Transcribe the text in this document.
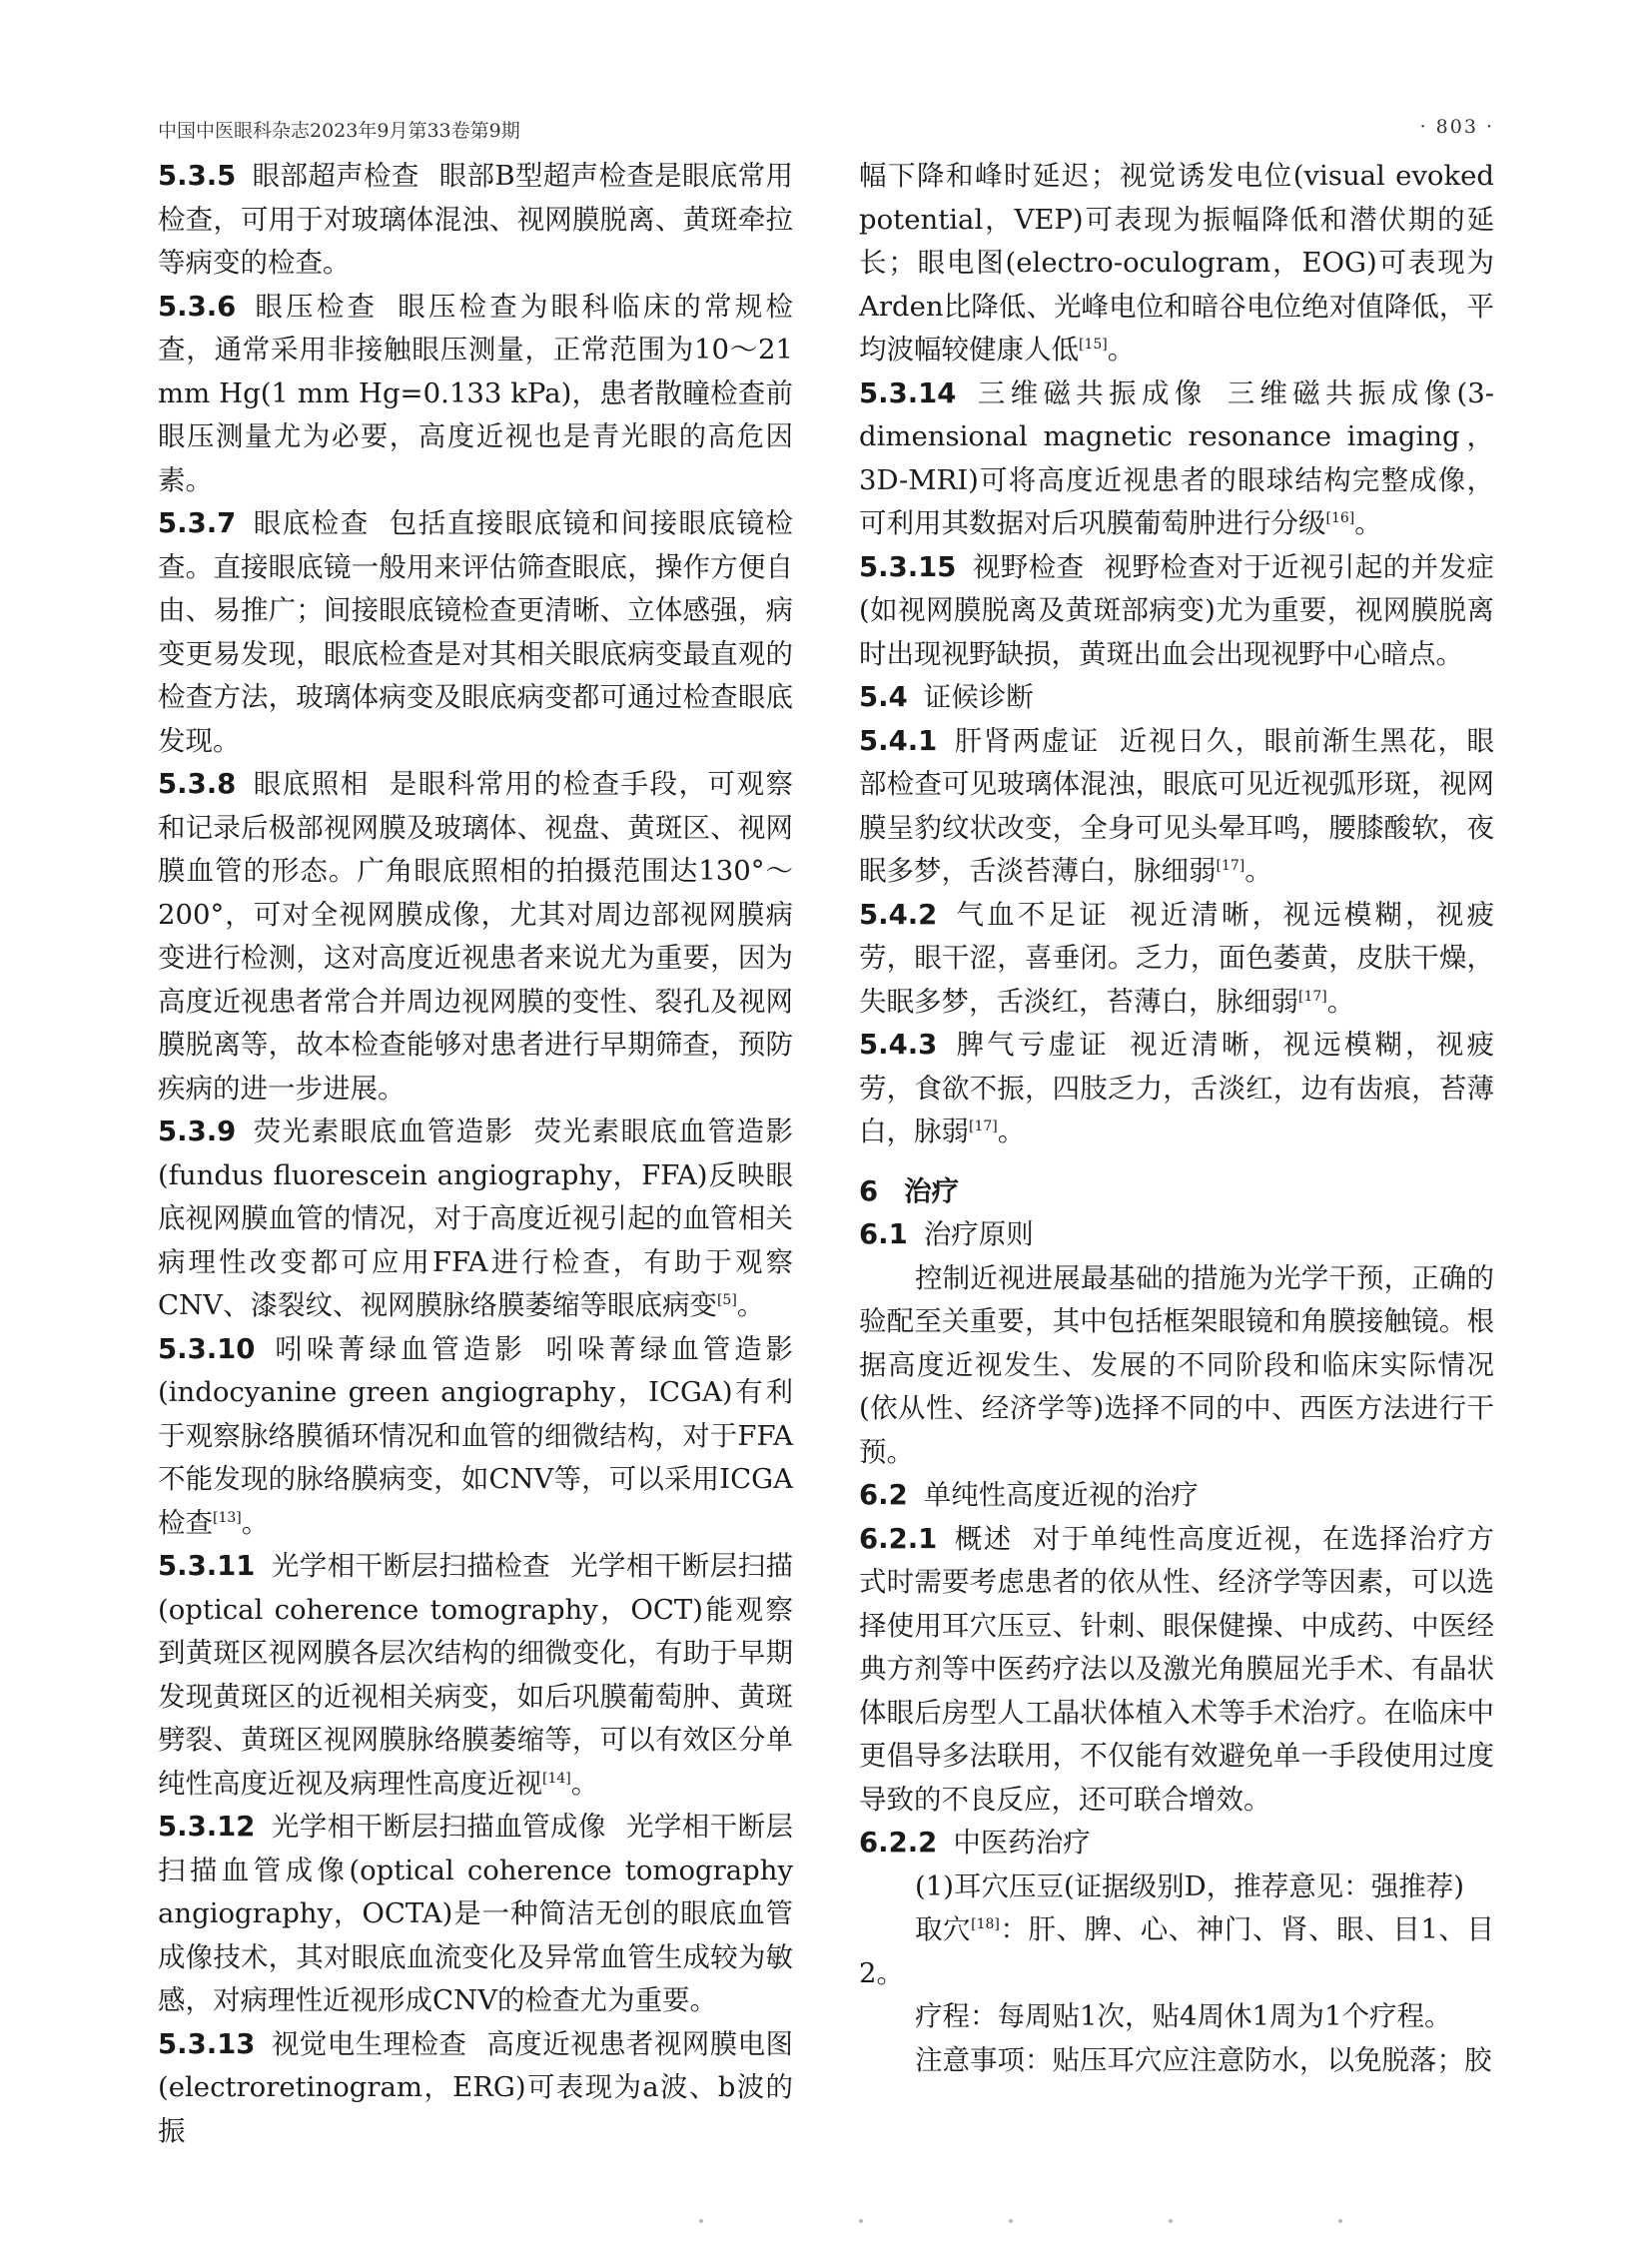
中国中医眼科杂志2023年9月第33卷第9期	· 803 ·

5.3.5 眼部超声检查 眼部B型超声检查是眼底常用检查，可用于对玻璃体混浊、视网膜脱离、黄斑牵拉等病变的检查。

5.3.6 眼压检查 眼压检查为眼科临床的常规检查，通常采用非接触眼压测量，正常范围为10～21 mm Hg(1 mm Hg=0.133 kPa)，患者散瞳检查前眼压测量尤为必要，高度近视也是青光眼的高危因素。

5.3.7 眼底检查 包括直接眼底镜和间接眼底镜检查。直接眼底镜一般用来评估筛查眼底，操作方便自由、易推广；间接眼底镜检查更清晰、立体感强，病变更易发现，眼底检查是对其相关眼底病变最直观的检查方法，玻璃体病变及眼底病变都可通过检查眼底发现。

5.3.8 眼底照相 是眼科常用的检查手段，可观察和记录后极部视网膜及玻璃体、视盘、黄斑区、视网膜血管的形态。广角眼底照相的拍摄范围达130°～200°，可对全视网膜成像，尤其对周边部视网膜病变进行检测，这对高度近视患者来说尤为重要，因为高度近视患者常合并周边视网膜的变性、裂孔及视网膜脱离等，故本检查能够对患者进行早期筛查，预防疾病的进一步进展。

5.3.9 荧光素眼底血管造影 荧光素眼底血管造影(fundus fluorescein angiography，FFA)反映眼底视网膜血管的情况，对于高度近视引起的血管相关病理性改变都可应用FFA进行检查，有助于观察CNV、漆裂纹、视网膜脉络膜萎缩等眼底病变[5]。

5.3.10 吲哚菁绿血管造影 吲哚菁绿血管造影(indocyanine green angiography，ICGA)有利于观察脉络膜循环情况和血管的细微结构，对于FFA不能发现的脉络膜病变，如CNV等，可以采用ICGA检查[13]。

5.3.11 光学相干断层扫描检查 光学相干断层扫描(optical coherence tomography，OCT)能观察到黄斑区视网膜各层次结构的细微变化，有助于早期发现黄斑区的近视相关病变，如后巩膜葡萄肿、黄斑劈裂、黄斑区视网膜脉络膜萎缩等，可以有效区分单纯性高度近视及病理性高度近视[14]。

5.3.12 光学相干断层扫描血管成像 光学相干断层扫描血管成像(optical coherence tomography angiography，OCTA)是一种简洁无创的眼底血管成像技术，其对眼底血流变化及异常血管生成较为敏感，对病理性近视形成CNV的检查尤为重要。

5.3.13 视觉电生理检查 高度近视患者视网膜电图(electroretinogram，ERG)可表现为a波、b波的振

幅下降和峰时延迟；视觉诱发电位(visual evoked potential，VEP)可表现为振幅降低和潜伏期的延长；眼电图(electro-oculogram，EOG)可表现为Arden比降低、光峰电位和暗谷电位绝对值降低，平均波幅较健康人低[15]。

5.3.14 三维磁共振成像 三维磁共振成像(3-dimensional magnetic resonance imaging，3D-MRI)可将高度近视患者的眼球结构完整成像，可利用其数据对后巩膜葡萄肿进行分级[16]。

5.3.15 视野检查 视野检查对于近视引起的并发症(如视网膜脱离及黄斑部病变)尤为重要，视网膜脱离时出现视野缺损，黄斑出血会出现视野中心暗点。

5.4 证候诊断

5.4.1 肝肾两虚证 近视日久，眼前渐生黑花，眼部检查可见玻璃体混浊，眼底可见近视弧形斑，视网膜呈豹纹状改变，全身可见头晕耳鸣，腰膝酸软，夜眠多梦，舌淡苔薄白，脉细弱[17]。

5.4.2 气血不足证 视近清晰，视远模糊，视疲劳，眼干涩，喜垂闭。乏力，面色萎黄，皮肤干燥，失眠多梦，舌淡红，苔薄白，脉细弱[17]。

5.4.3 脾气亏虚证 视近清晰，视远模糊，视疲劳，食欲不振，四肢乏力，舌淡红，边有齿痕，苔薄白，脉弱[17]。

6 治疗

6.1 治疗原则

控制近视进展最基础的措施为光学干预，正确的验配至关重要，其中包括框架眼镜和角膜接触镜。根据高度近视发生、发展的不同阶段和临床实际情况(依从性、经济学等)选择不同的中、西医方法进行干预。

6.2 单纯性高度近视的治疗

6.2.1 概述 对于单纯性高度近视，在选择治疗方式时需要考虑患者的依从性、经济学等因素，可以选择使用耳穴压豆、针刺、眼保健操、中成药、中医经典方剂等中医药疗法以及激光角膜屈光手术、有晶状体眼后房型人工晶状体植入术等手术治疗。在临床中更倡导多法联用，不仅能有效避免单一手段使用过度导致的不良反应，还可联合增效。

6.2.2 中医药治疗

(1)耳穴压豆(证据级别D，推荐意见：强推荐)

取穴[18]：肝、脾、心、神门、肾、眼、目1、目2。

疗程：每周贴1次，贴4周休1周为1个疗程。

注意事项：贴压耳穴应注意防水，以免脱落；胶
